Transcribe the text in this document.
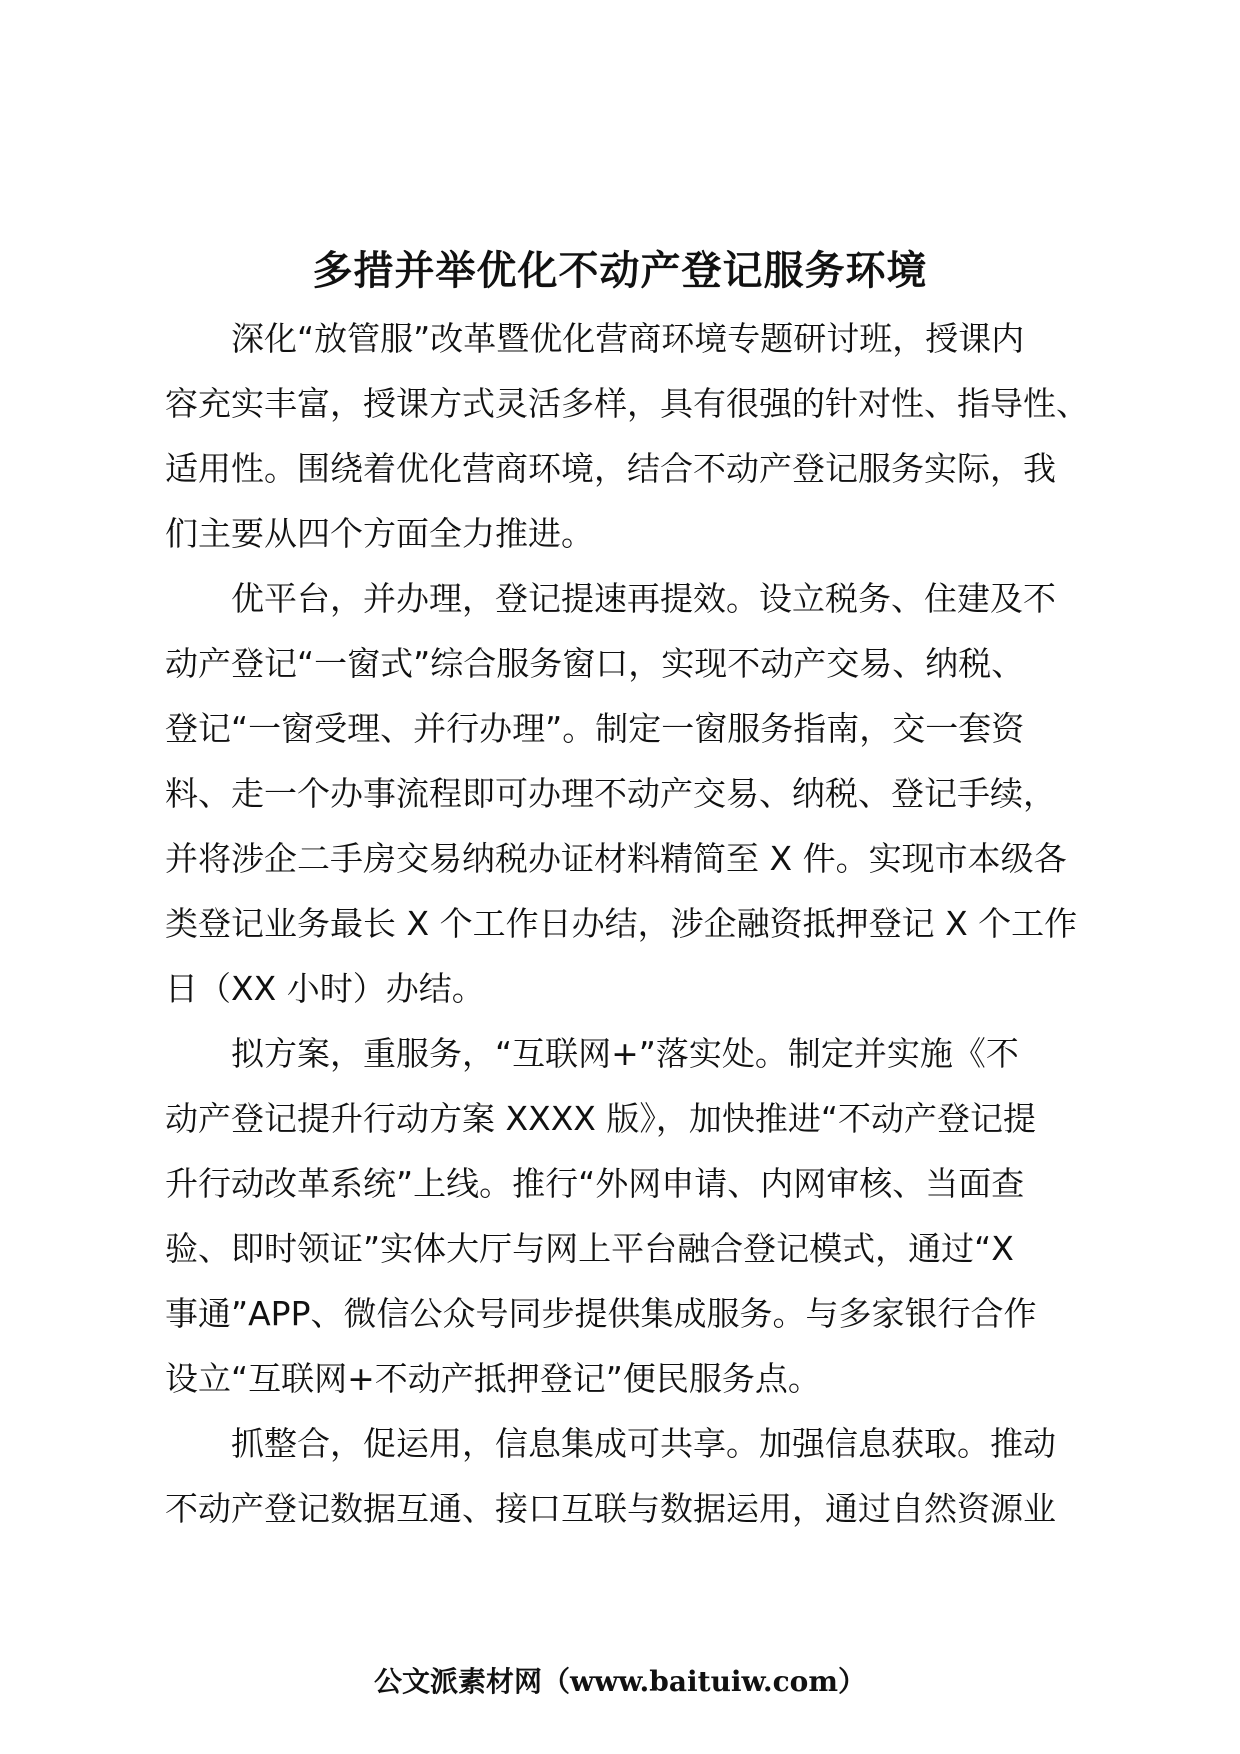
多措并举优化不动产登记服务环境
　　深化“放管服”改革暨优化营商环境专题研讨班，授课内
容充实丰富，授课方式灵活多样，具有很强的针对性、指导性、
适用性。围绕着优化营商环境，结合不动产登记服务实际，我
们主要从四个方面全力推进。
　　优平台，并办理，登记提速再提效。设立税务、住建及不
动产登记“一窗式”综合服务窗口，实现不动产交易、纳税、
登记“一窗受理、并行办理”。制定一窗服务指南，交一套资
料、走一个办事流程即可办理不动产交易、纳税、登记手续，
并将涉企二手房交易纳税办证材料精简至 X 件。实现市本级各
类登记业务最长 X 个工作日办结，涉企融资抵押登记 X 个工作
日（XX 小时）办结。
　　拟方案，重服务，“互联网+”落实处。制定并实施《不
动产登记提升行动方案 XXXX 版》，加快推进“不动产登记提
升行动改革系统”上线。推行“外网申请、内网审核、当面查
验、即时领证”实体大厅与网上平台融合登记模式，通过“X
事通”APP、微信公众号同步提供集成服务。与多家银行合作
设立“互联网+不动产抵押登记”便民服务点。
　　抓整合，促运用，信息集成可共享。加强信息获取。推动
不动产登记数据互通、接口互联与数据运用，通过自然资源业
公文派素材网（www.baituiw.com）
